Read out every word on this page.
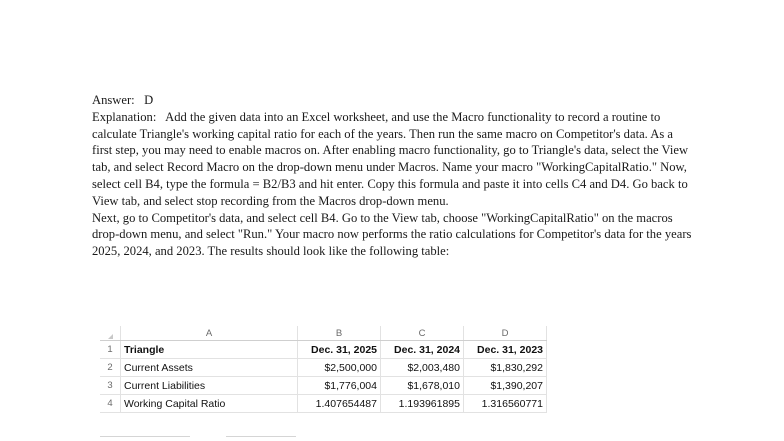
Answer: D

Explanation: Add the given data into an Excel worksheet, and use the Macro functionality to record a routine to calculate Triangle's working capital ratio for each of the years. Then run the same macro on Competitor's data. As a first step, you may need to enable macros on. After enabling macro functionality, go to Triangle's data, select the View tab, and select Record Macro on the drop-down menu under Macros. Name your macro "WorkingCapitalRatio." Now, select cell B4, type the formula = B2/B3 and hit enter. Copy this formula and paste it into cells C4 and D4. Go back to View tab, and select stop recording from the Macros drop-down menu.

Next, go to Competitor's data, and select cell B4. Go to the View tab, choose "WorkingCapitalRatio" on the macros drop-down menu, and select "Run." Your macro now performs the ratio calculations for Competitor's data for the years 2025, 2024, and 2023. The results should look like the following table:

	A	B	C	D
1	Triangle	Dec. 31, 2025	Dec. 31, 2024	Dec. 31, 2023
2	Current Assets	$2,500,000	$2,003,480	$1,830,292
3	Current Liabilities	$1,776,004	$1,678,010	$1,390,207
4	Working Capital Ratio	1.407654487	1.193961895	1.316560771
